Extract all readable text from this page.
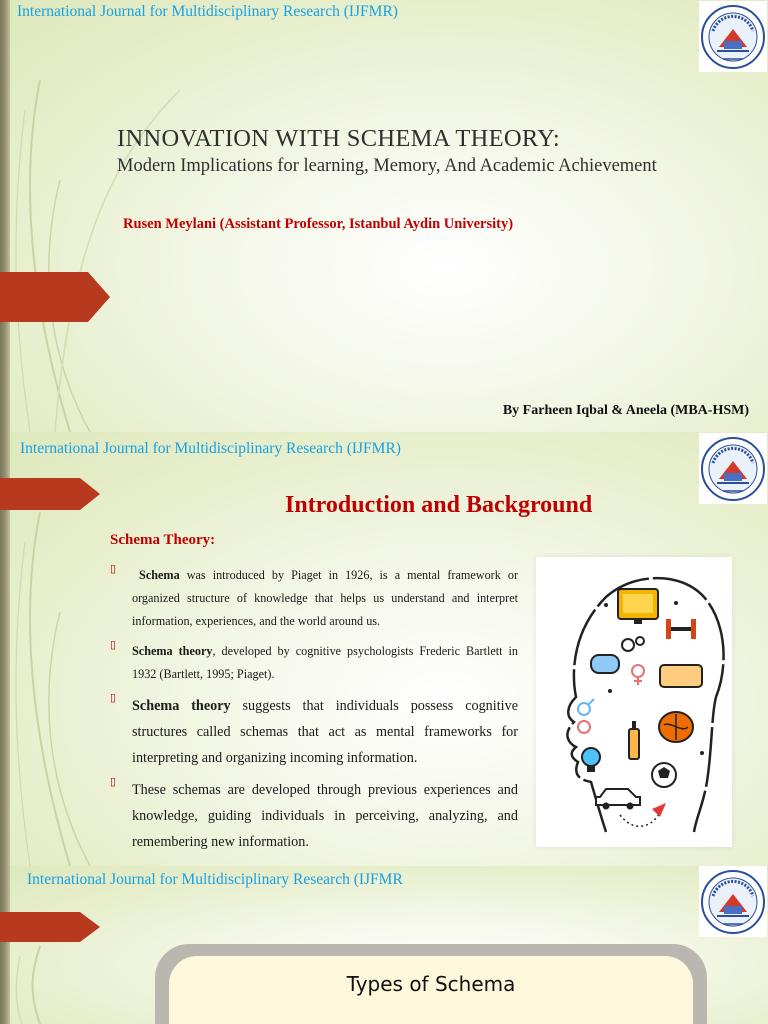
International Journal for Multidisciplinary Research (IJFMR)
INNOVATION WITH SCHEMA THEORY:
Modern Implications for learning, Memory, And Academic Achievement
Rusen Meylani (Assistant Professor, Istanbul Aydin University)
By Farheen Iqbal & Aneela (MBA-HSM)
International Journal for Multidisciplinary Research (IJFMR)
Introduction and Background
Schema Theory:
▯ Schema was introduced by Piaget in 1926, is a mental framework or organized structure of knowledge that helps us understand and interpret information, experiences, and the world around us.
▯ Schema theory, developed by cognitive psychologists Frederic Bartlett in 1932 (Bartlett, 1995; Piaget).
▯ Schema theory suggests that individuals possess cognitive structures called schemas that act as mental frameworks for interpreting and organizing incoming information.
▯ These schemas are developed through previous experiences and knowledge, guiding individuals in perceiving, analyzing, and remembering new information.
International Journal for Multidisciplinary Research (IJFMR
Types of Schema
